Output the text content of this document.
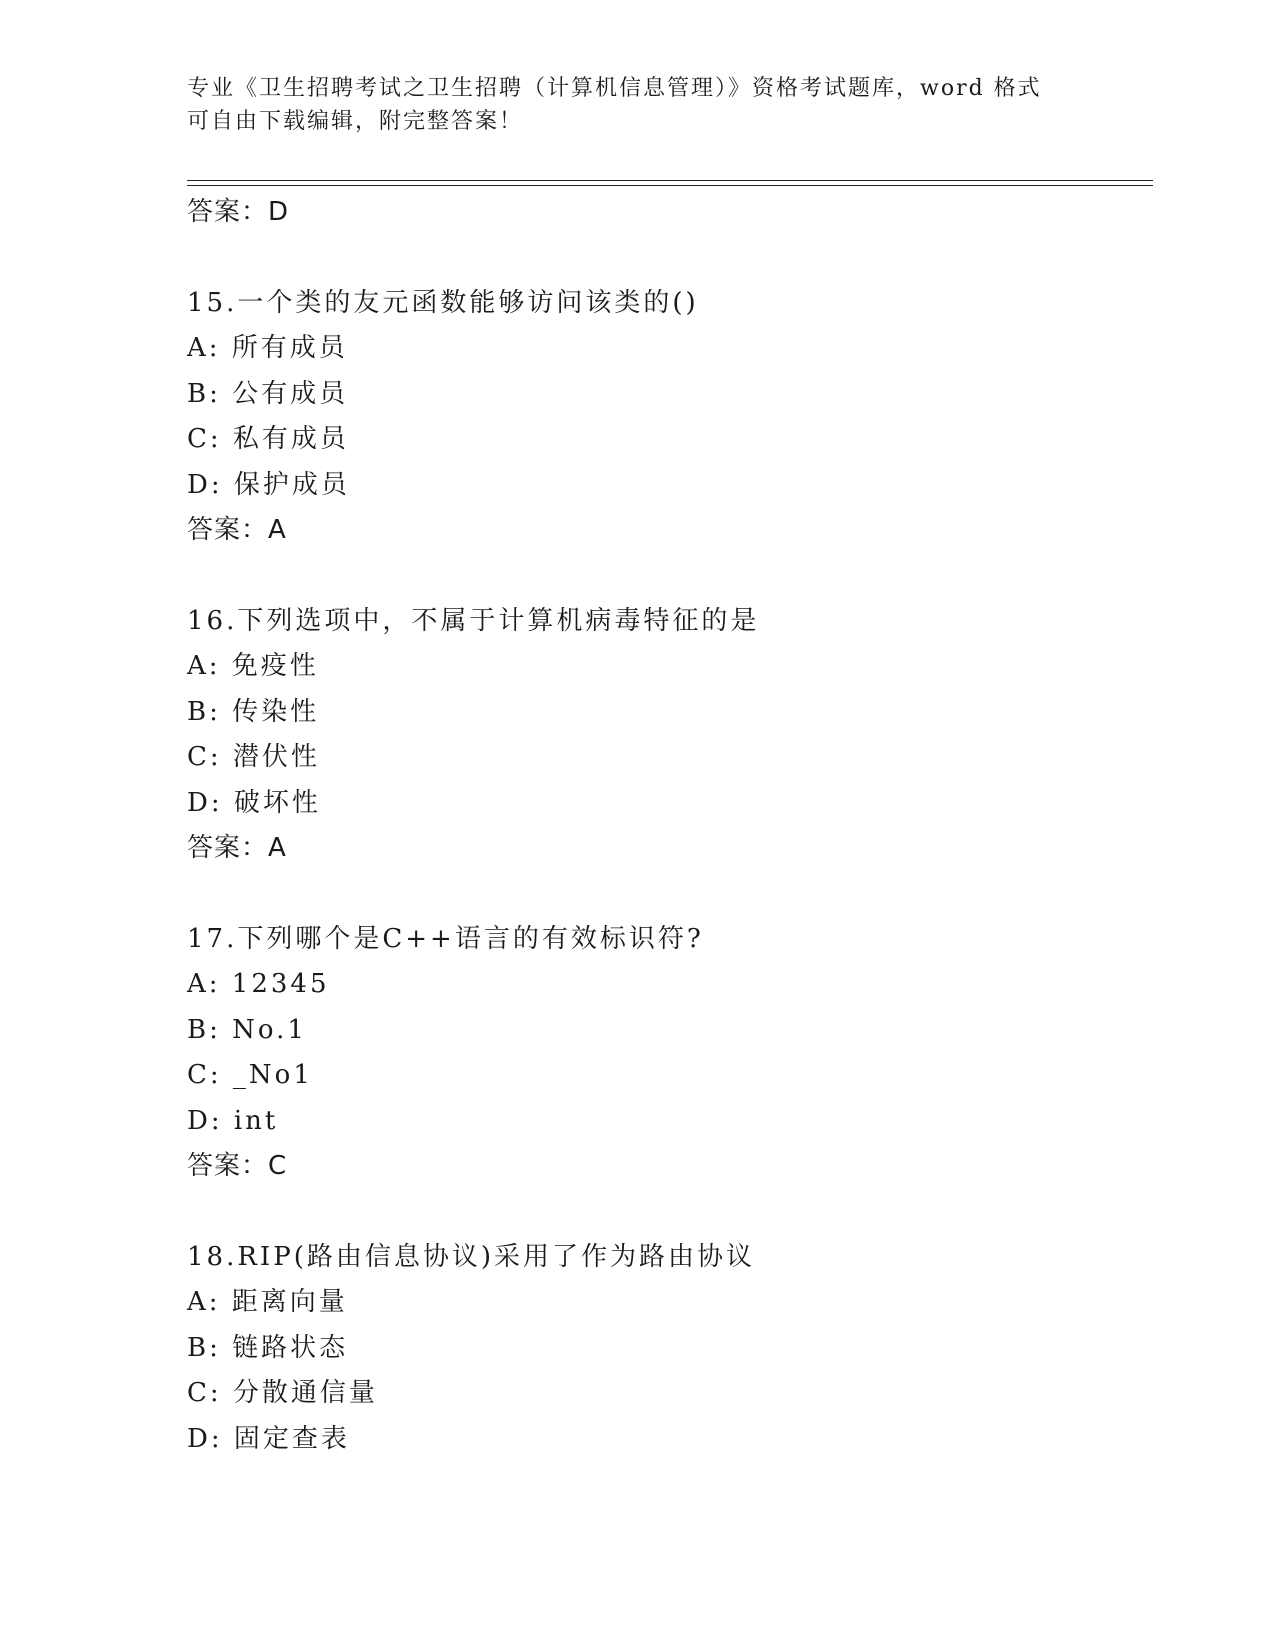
专业《卫生招聘考试之卫生招聘（计算机信息管理）》资格考试题库，word 格式
可自由下载编辑，附完整答案！
答案：D
15.一个类的友元函数能够访问该类的()
A: 所有成员
B: 公有成员
C: 私有成员
D: 保护成员
答案：A
16.下列选项中，不属于计算机病毒特征的是
A: 免疫性
B: 传染性
C: 潜伏性
D: 破坏性
答案：A
17.下列哪个是C++语言的有效标识符?
A: 12345
B: No.1
C: _No1
D: int
答案：C
18.RIP(路由信息协议)采用了作为路由协议
A: 距离向量
B: 链路状态
C: 分散通信量
D: 固定查表
